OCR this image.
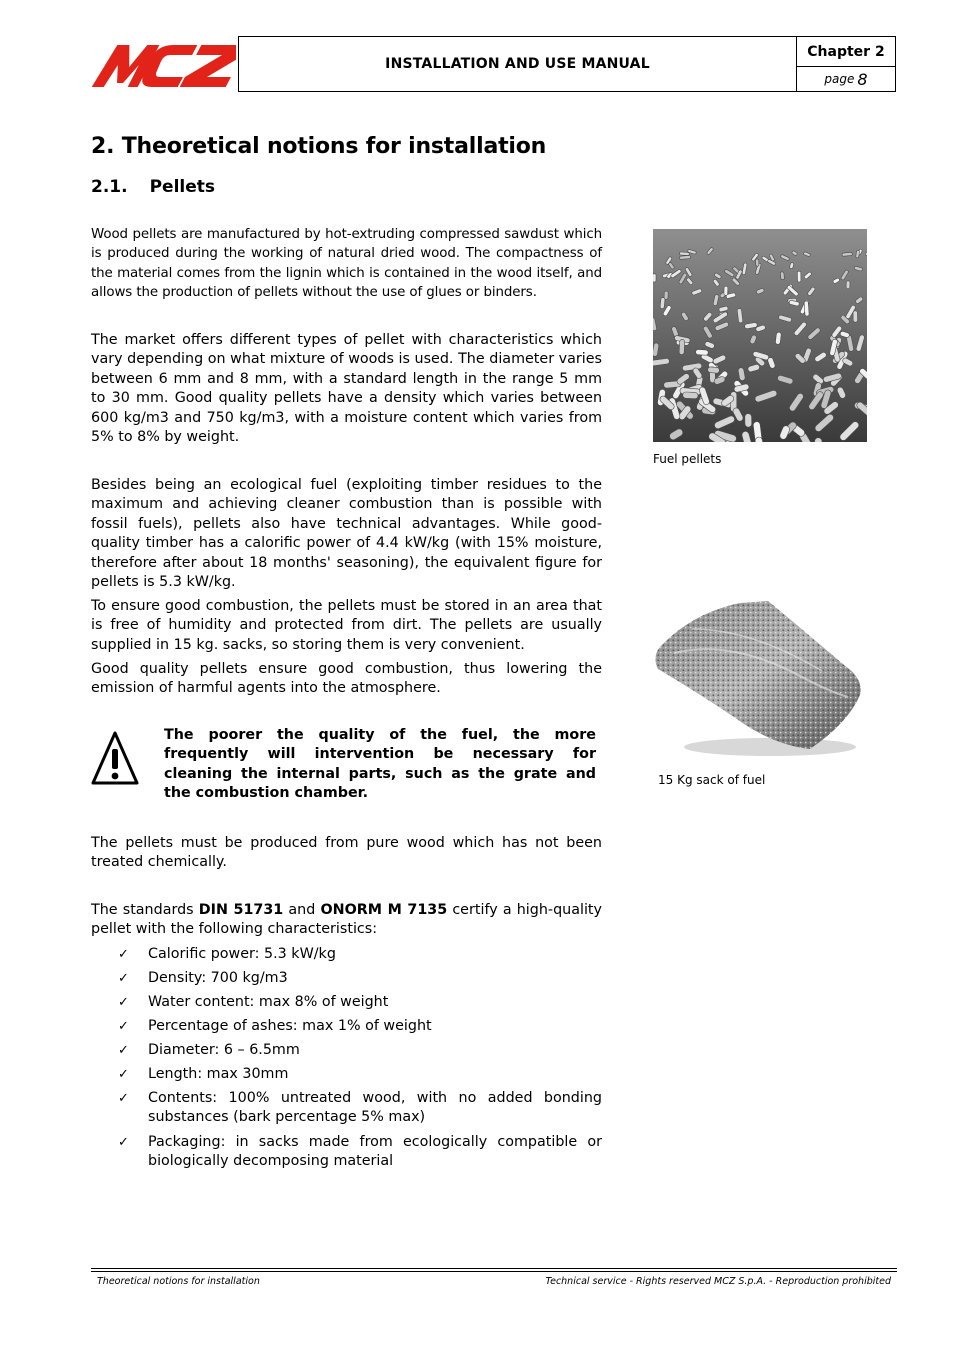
INSTALLATION AND USE MANUAL
Chapter 2
page 8
2. Theoretical notions for installation
2.1. Pellets
Wood pellets are manufactured by hot-extruding compressed sawdust which is produced during the working of natural dried wood. The compactness of the material comes from the lignin which is contained in the wood itself, and allows the production of pellets without the use of glues or binders.
The market offers different types of pellet with characteristics which vary depending on what mixture of woods is used. The diameter varies between 6 mm and 8 mm, with a standard length in the range 5 mm to 30 mm. Good quality pellets have a density which varies between 600 kg/m3 and 750 kg/m3, with a moisture content which varies from 5% to 8% by weight.
Besides being an ecological fuel (exploiting timber residues to the maximum and achieving cleaner combustion than is possible with fossil fuels), pellets also have technical advantages. While good-quality timber has a calorific power of 4.4 kW/kg (with 15% moisture, therefore after about 18 months' seasoning), the equivalent figure for pellets is 5.3 kW/kg.
To ensure good combustion, the pellets must be stored in an area that is free of humidity and protected from dirt. The pellets are usually supplied in 15 kg. sacks, so storing them is very convenient.
Good quality pellets ensure good combustion, thus lowering the emission of harmful agents into the atmosphere.
The poorer the quality of the fuel, the more frequently will intervention be necessary for cleaning the internal parts, such as the grate and the combustion chamber.
The pellets must be produced from pure wood which has not been treated chemically.
The standards DIN 51731 and ONORM M 7135 certify a high-quality pellet with the following characteristics:
✓ Calorific power: 5.3 kW/kg
✓ Density: 700 kg/m3
✓ Water content: max 8% of weight
✓ Percentage of ashes: max 1% of weight
✓ Diameter: 6 – 6.5mm
✓ Length: max 30mm
✓ Contents: 100% untreated wood, with no added bonding substances (bark percentage 5% max)
✓ Packaging: in sacks made from ecologically compatible or biologically decomposing material
Fuel pellets
15 Kg sack of fuel
Theoretical notions for installation	Technical service - Rights reserved MCZ S.p.A. - Reproduction prohibited
